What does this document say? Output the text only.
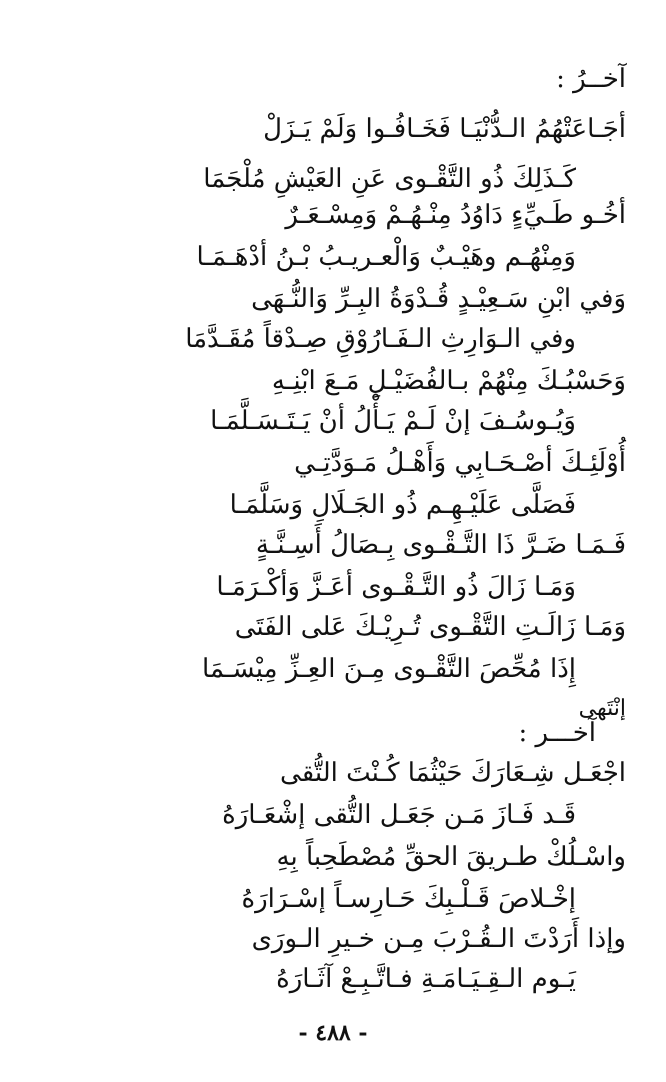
آخــرُ :
أجَـاعَتْهُمُ الـدُّنْيَـا فَخَـافُـوا وَلَمْ يَـزَلْ
كَـذَلِكَ ذُو التَّقْـوى عَنِ العَيْشِ مُلْجَمَا
أخُـو طَـيِّءٍ دَاوُدُ مِنْـهُـمْ وَمِسْـعَـرٌ
وَمِنْهُـم وهَيْـبٌ وَالْعـريـبُ بْـنُ أدْهَـمَـا
وَفي ابْنِ سَـعِيْـدٍ قُـدْوَةُ البِـرِّ وَالنُّـهَى
وفي الـوَارِثِ الـفَـارُوْقِ صِـدْقاً مُقَـدَّمَا
وَحَسْبُـكَ مِنْهُمْ بـالفُضَيْـلِ مَـعَ ابْنِـهِ
وَيُـوسُـفَ إنْ لَـمْ يَـأْلُ أنْ يَـتَـسَـلَّمَـا
أُوْلَئِـكَ أصْـحَـابِي وَأَهْـلُ مَـوَدَّتِـي
فَصَلَّى عَلَيْـهِـم ذُو الجَـلَالِ وَسَلَّمَـا
فَـمَـا ضَـرَّ ذَا التَّـقْـوى بِـصَالُ أَسِـنَّـةٍ
وَمَـا زَالَ ذُو التَّـقْـوى أعَـزَّ وَأكْـرَمَـا
وَمَـا زَالَـتِ التَّقْـوى تُـرِيْـكَ عَلى الفَتَى
إِذَا مُحِّصَ التَّقْـوى مِـنَ العِـزِّ مِيْسَـمَا
إنْتَهى
آخـــر :
اجْعَـل شِـعَارَكَ حَيْثُمَا كُـنْتَ التُّقى
قَـد فَـازَ مَـن جَعَـل التُّقى إشْعَـارَهُ
واسْـلُكْ طـريقَ الحقِّ مُصْطَحِباً بِهِ
إخْـلاصَ قَـلْـبِكَ حَـارِسـاً إسْـرَارَهُ
وإذا أَرَدْتَ الـقُـرْبَ مِـن خـيرِ الـورَى
يَـوم الـقِـيَـامَـةِ فـاتَّـبِـعْ آثَـارَهُ
- ٤٨٨ -
